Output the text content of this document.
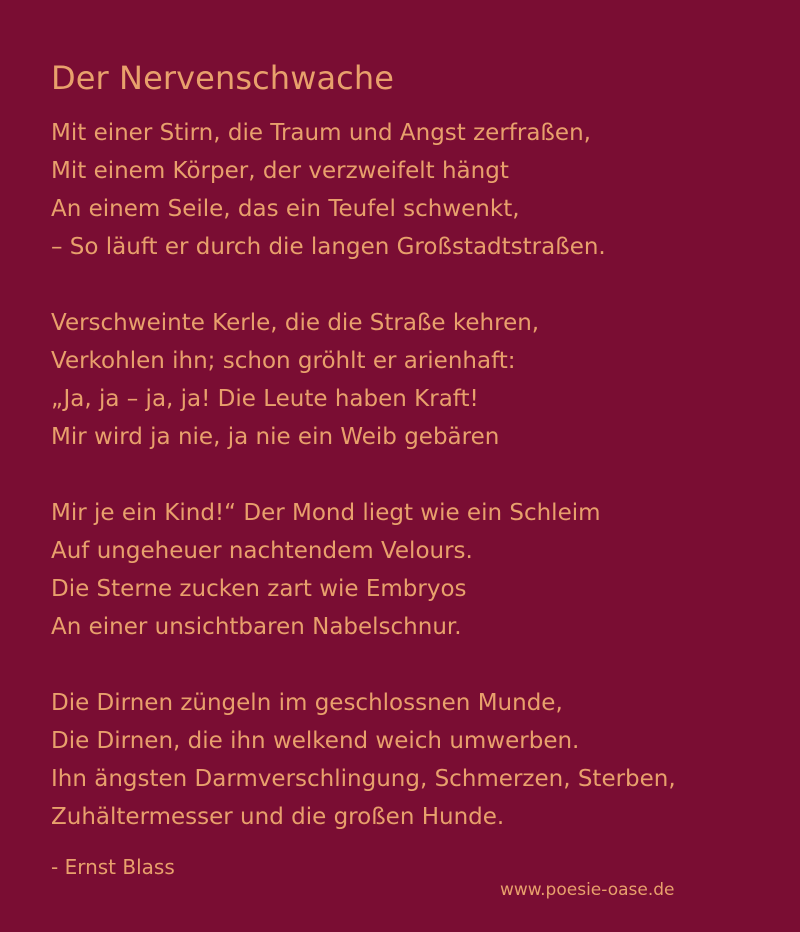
Der Nervenschwache
Mit einer Stirn, die Traum und Angst zerfraßen,
Mit einem Körper, der verzweifelt hängt
An einem Seile, das ein Teufel schwenkt,
– So läuft er durch die langen Großstadtstraßen.
Verschweinte Kerle, die die Straße kehren,
Verkohlen ihn; schon gröhlt er arienhaft:
„Ja, ja – ja, ja! Die Leute haben Kraft!
Mir wird ja nie, ja nie ein Weib gebären
Mir je ein Kind!“ Der Mond liegt wie ein Schleim
Auf ungeheuer nachtendem Velours.
Die Sterne zucken zart wie Embryos
An einer unsichtbaren Nabelschnur.
Die Dirnen züngeln im geschlossnen Munde,
Die Dirnen, die ihn welkend weich umwerben.
Ihn ängsten Darmverschlingung, Schmerzen, Sterben,
Zuhältermesser und die großen Hunde.
- Ernst Blass
www.poesie-oase.de
